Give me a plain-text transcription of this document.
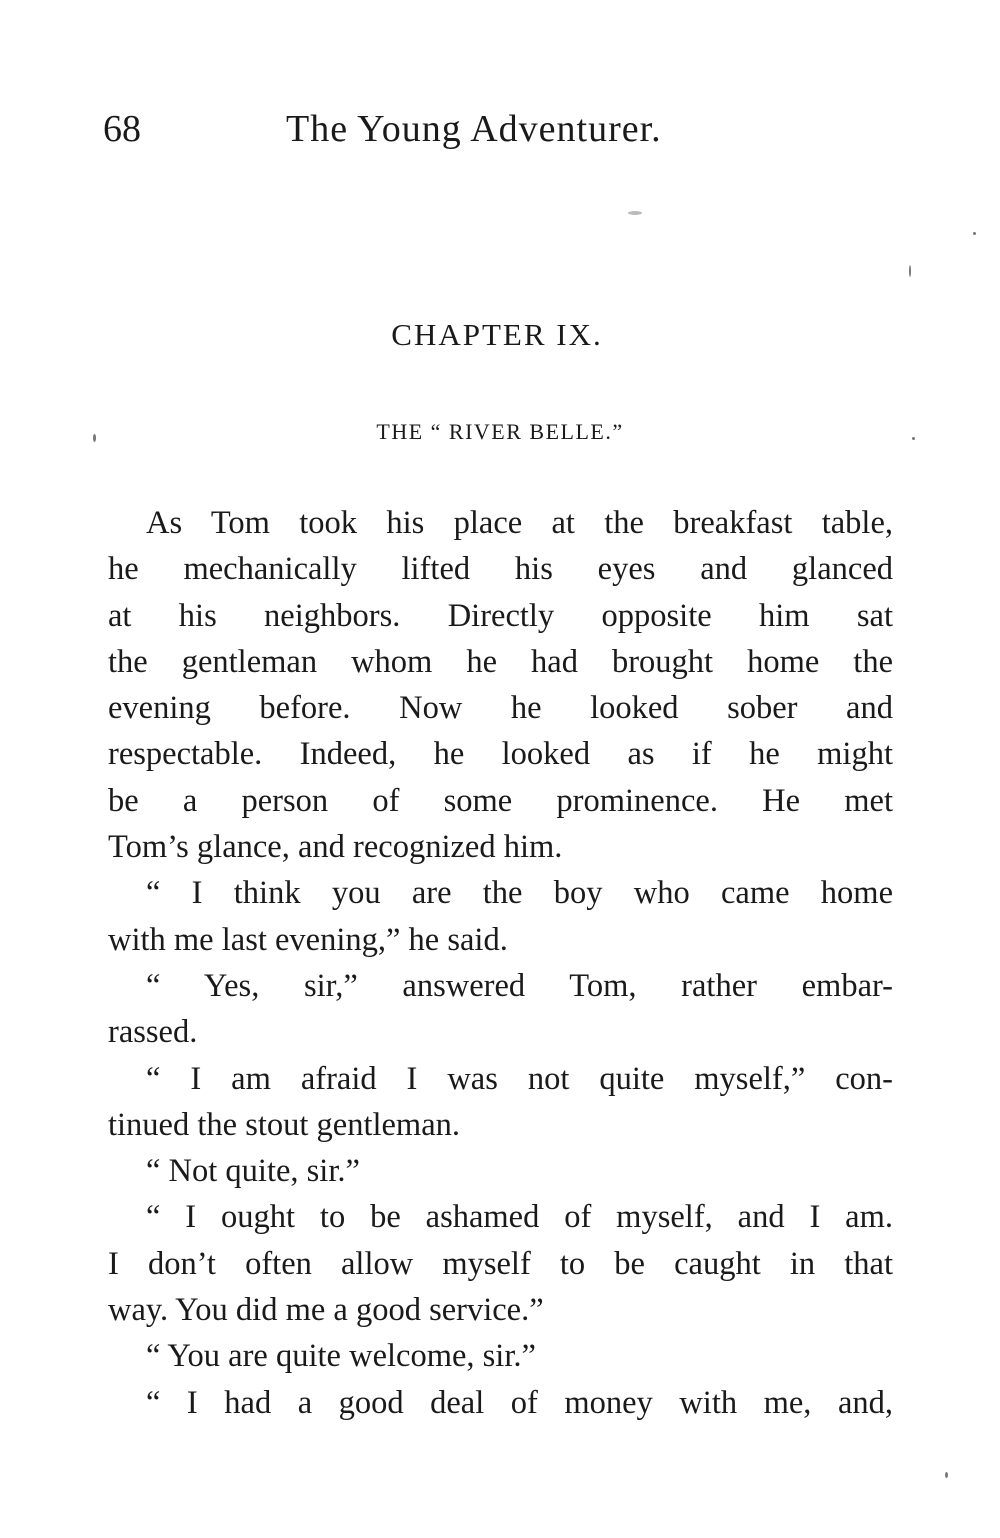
68	The Young Adventurer.
CHAPTER IX.
THE “ RIVER BELLE.”
As Tom took his place at the breakfast table,
he mechanically lifted his eyes and glanced
at his neighbors. Directly opposite him sat
the gentleman whom he had brought home the
evening before. Now he looked sober and
respectable. Indeed, he looked as if he might
be a person of some prominence. He met
Tom’s glance, and recognized him.
“ I think you are the boy who came home
with me last evening,” he said.
“ Yes, sir,” answered Tom, rather embar-
rassed.
“ I am afraid I was not quite myself,” con-
tinued the stout gentleman.
“ Not quite, sir.”
“ I ought to be ashamed of myself, and I am.
I don’t often allow myself to be caught in that
way. You did me a good service.”
“ You are quite welcome, sir.”
“ I had a good deal of money with me, and,
